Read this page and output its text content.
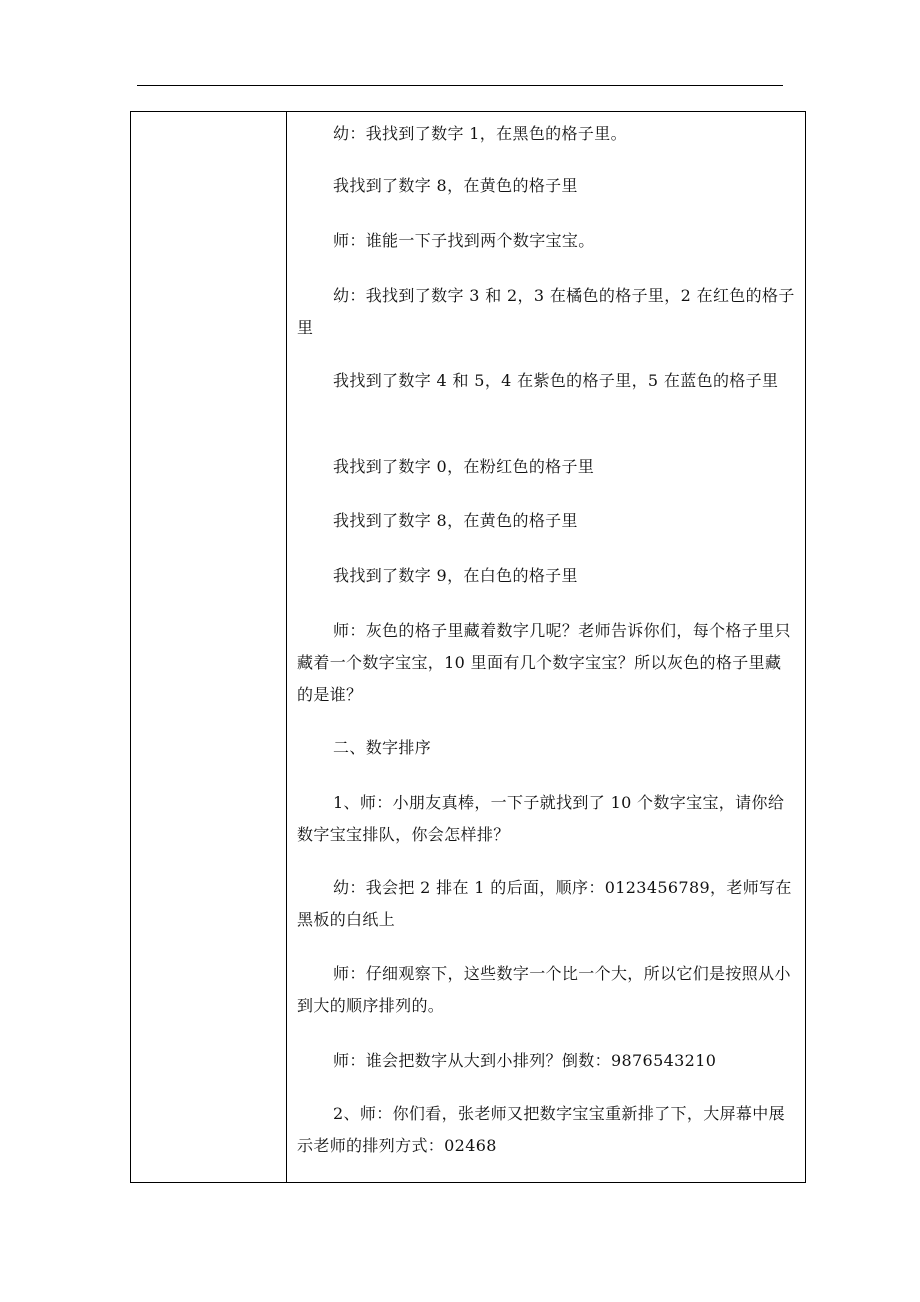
幼：我找到了数字 1，在黑色的格子里。

我找到了数字 8，在黄色的格子里

师：谁能一下子找到两个数字宝宝。

幼：我找到了数字 3 和 2，3 在橘色的格子里，2 在红色的格子里

我找到了数字 4 和 5，4 在紫色的格子里，5 在蓝色的格子里

我找到了数字 0，在粉红色的格子里

我找到了数字 8，在黄色的格子里

我找到了数字 9，在白色的格子里

师：灰色的格子里藏着数字几呢？老师告诉你们，每个格子里只藏着一个数字宝宝，10 里面有几个数字宝宝？所以灰色的格子里藏的是谁？

二、数字排序

1、师：小朋友真棒，一下子就找到了 10 个数字宝宝，请你给数字宝宝排队，你会怎样排？

幼：我会把 2 排在 1 的后面，顺序：0123456789，老师写在黑板的白纸上

师：仔细观察下，这些数字一个比一个大，所以它们是按照从小到大的顺序排列的。

师：谁会把数字从大到小排列？倒数：9876543210

2、师：你们看，张老师又把数字宝宝重新排了下，大屏幕中展示老师的排列方式：02468
